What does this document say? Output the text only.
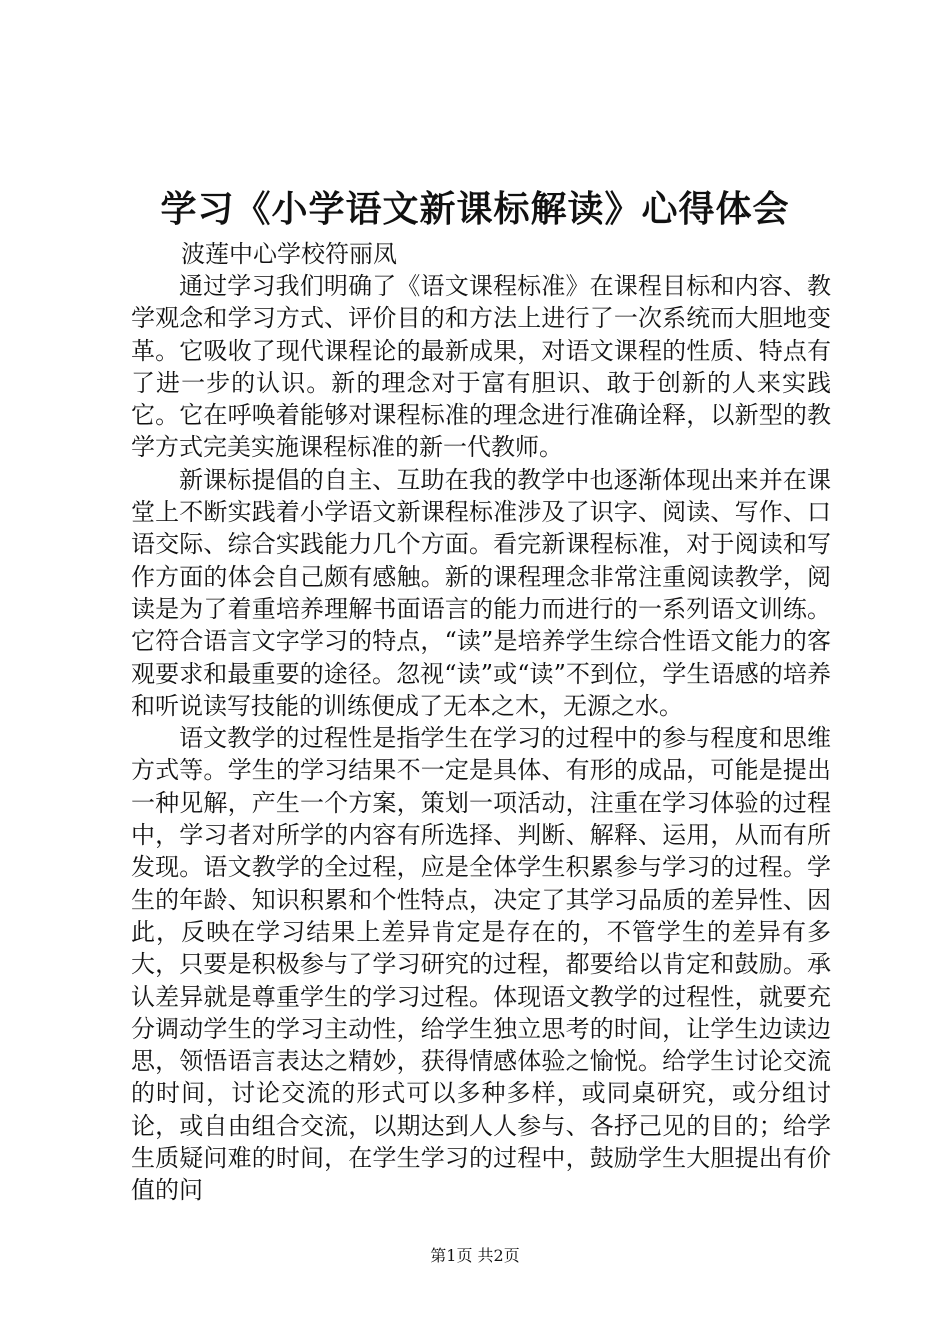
学习《小学语文新课标解读》心得体会

波莲中心学校符丽凤

通过学习我们明确了《语文课程标准》在课程目标和内容、教学观念和学习方式、评价目的和方法上进行了一次系统而大胆地变革。它吸收了现代课程论的最新成果，对语文课程的性质、特点有了进一步的认识。新的理念对于富有胆识、敢于创新的人来实践它。它在呼唤着能够对课程标准的理念进行准确诠释，以新型的教学方式完美实施课程标准的新一代教师。

新课标提倡的自主、互助在我的教学中也逐渐体现出来并在课堂上不断实践着小学语文新课程标准涉及了识字、阅读、写作、口语交际、综合实践能力几个方面。看完新课程标准，对于阅读和写作方面的体会自己颇有感触。新的课程理念非常注重阅读教学，阅读是为了着重培养理解书面语言的能力而进行的一系列语文训练。它符合语言文字学习的特点，“读”是培养学生综合性语文能力的客观要求和最重要的途径。忽视“读”或“读”不到位，学生语感的培养和听说读写技能的训练便成了无本之木，无源之水。

语文教学的过程性是指学生在学习的过程中的参与程度和思维方式等。学生的学习结果不一定是具体、有形的成品，可能是提出一种见解，产生一个方案，策划一项活动，注重在学习体验的过程中，学习者对所学的内容有所选择、判断、解释、运用，从而有所发现。语文教学的全过程，应是全体学生积累参与学习的过程。学生的年龄、知识积累和个性特点，决定了其学习品质的差异性、因此，反映在学习结果上差异肯定是存在的，不管学生的差异有多大，只要是积极参与了学习研究的过程，都要给以肯定和鼓励。承认差异就是尊重学生的学习过程。体现语文教学的过程性，就要充分调动学生的学习主动性，给学生独立思考的时间，让学生边读边思，领悟语言表达之精妙，获得情感体验之愉悦。给学生讨论交流的时间，讨论交流的形式可以多种多样，或同桌研究，或分组讨论，或自由组合交流，以期达到人人参与、各抒己见的目的；给学生质疑问难的时间，在学生学习的过程中，鼓励学生大胆提出有价值的问

第1页 共2页
